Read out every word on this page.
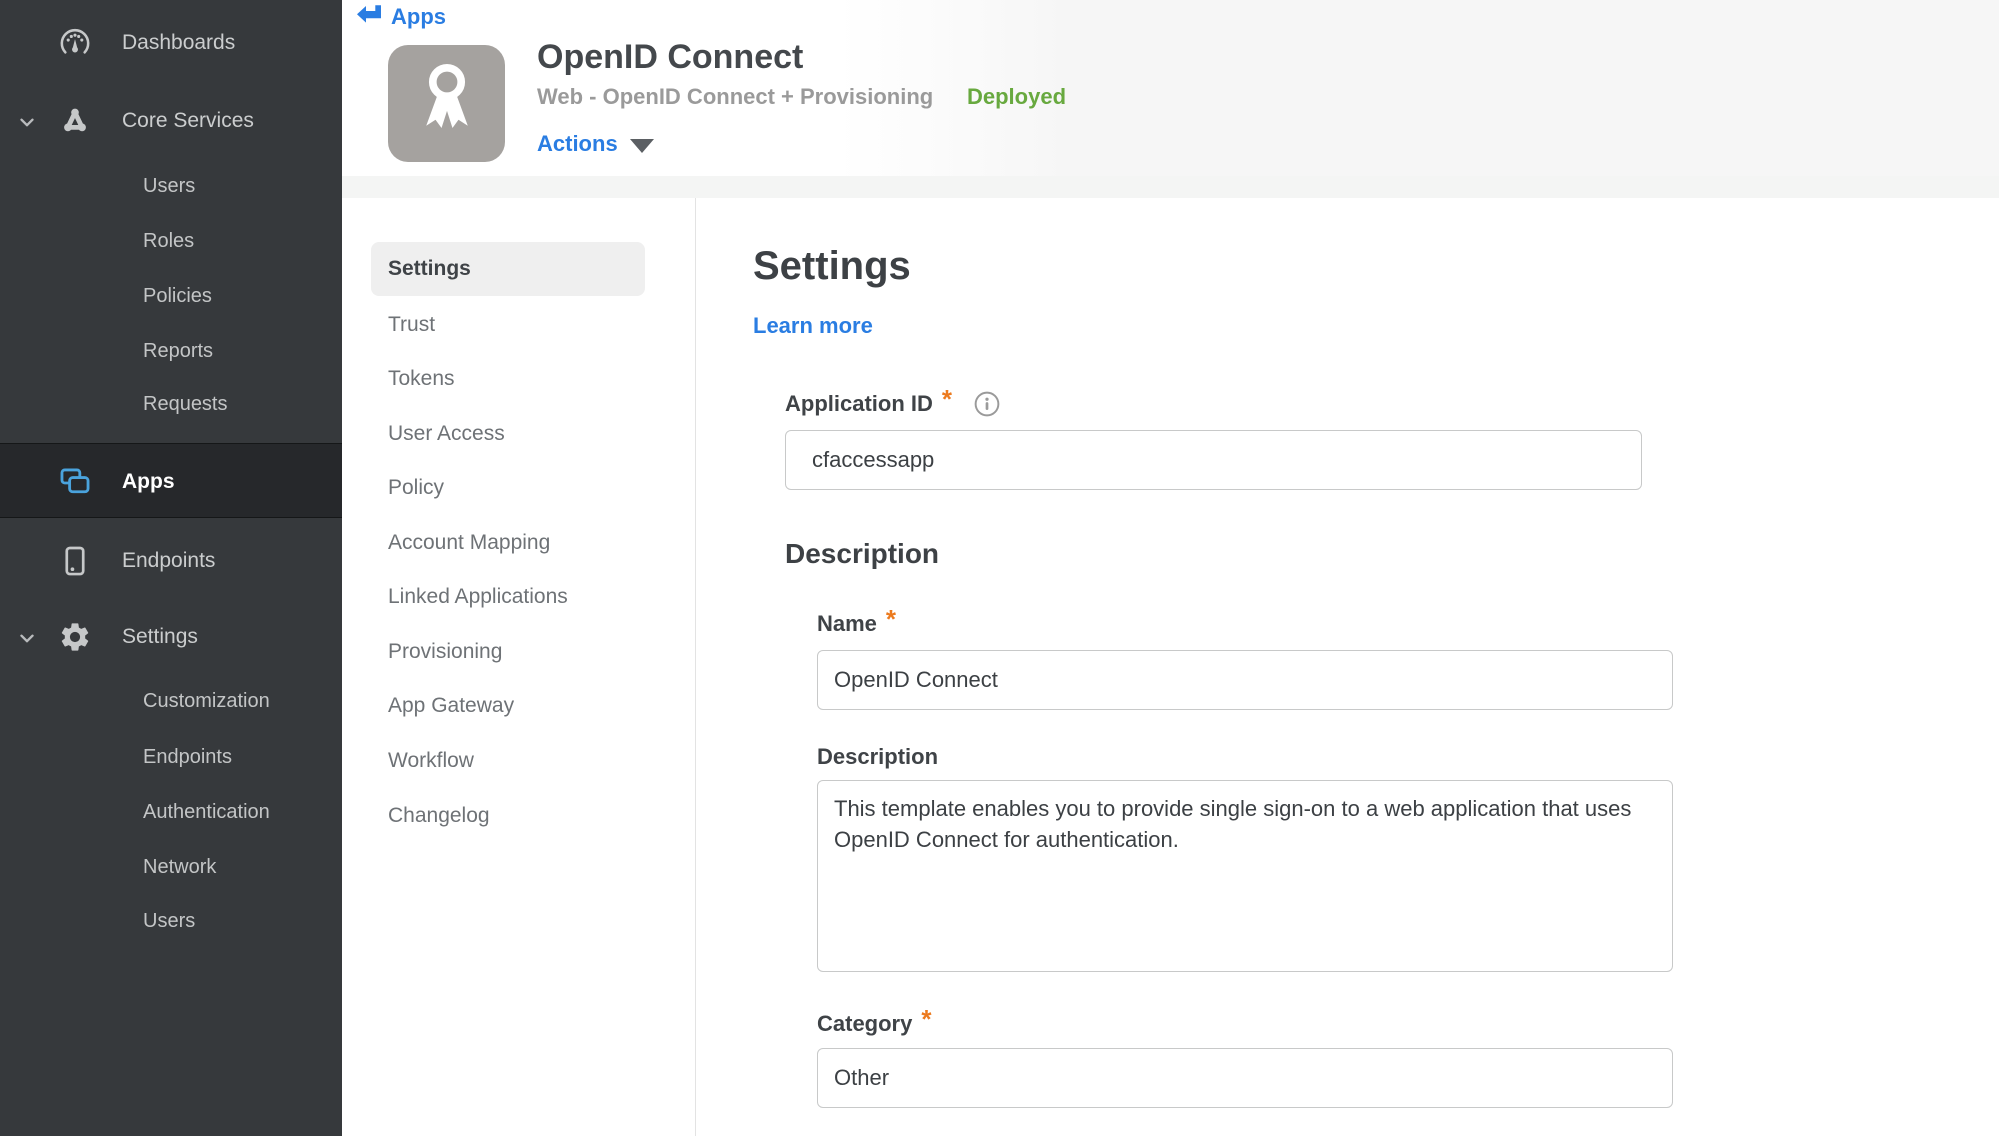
Dashboards
Core Services
Users
Roles
Policies
Reports
Requests
Apps
Endpoints
Settings
Customization
Endpoints
Authentication
Network
Users
Apps
OpenID Connect
Web - OpenID Connect + Provisioning Deployed
Actions
Settings
Trust
Tokens
User Access
Policy
Account Mapping
Linked Applications
Provisioning
App Gateway
Workflow
Changelog
Settings
Learn more
Application ID *
cfaccessapp
Description
Name *
OpenID Connect
Description
This template enables you to provide single sign-on to a web application that uses OpenID Connect for authentication.
Category *
Other
